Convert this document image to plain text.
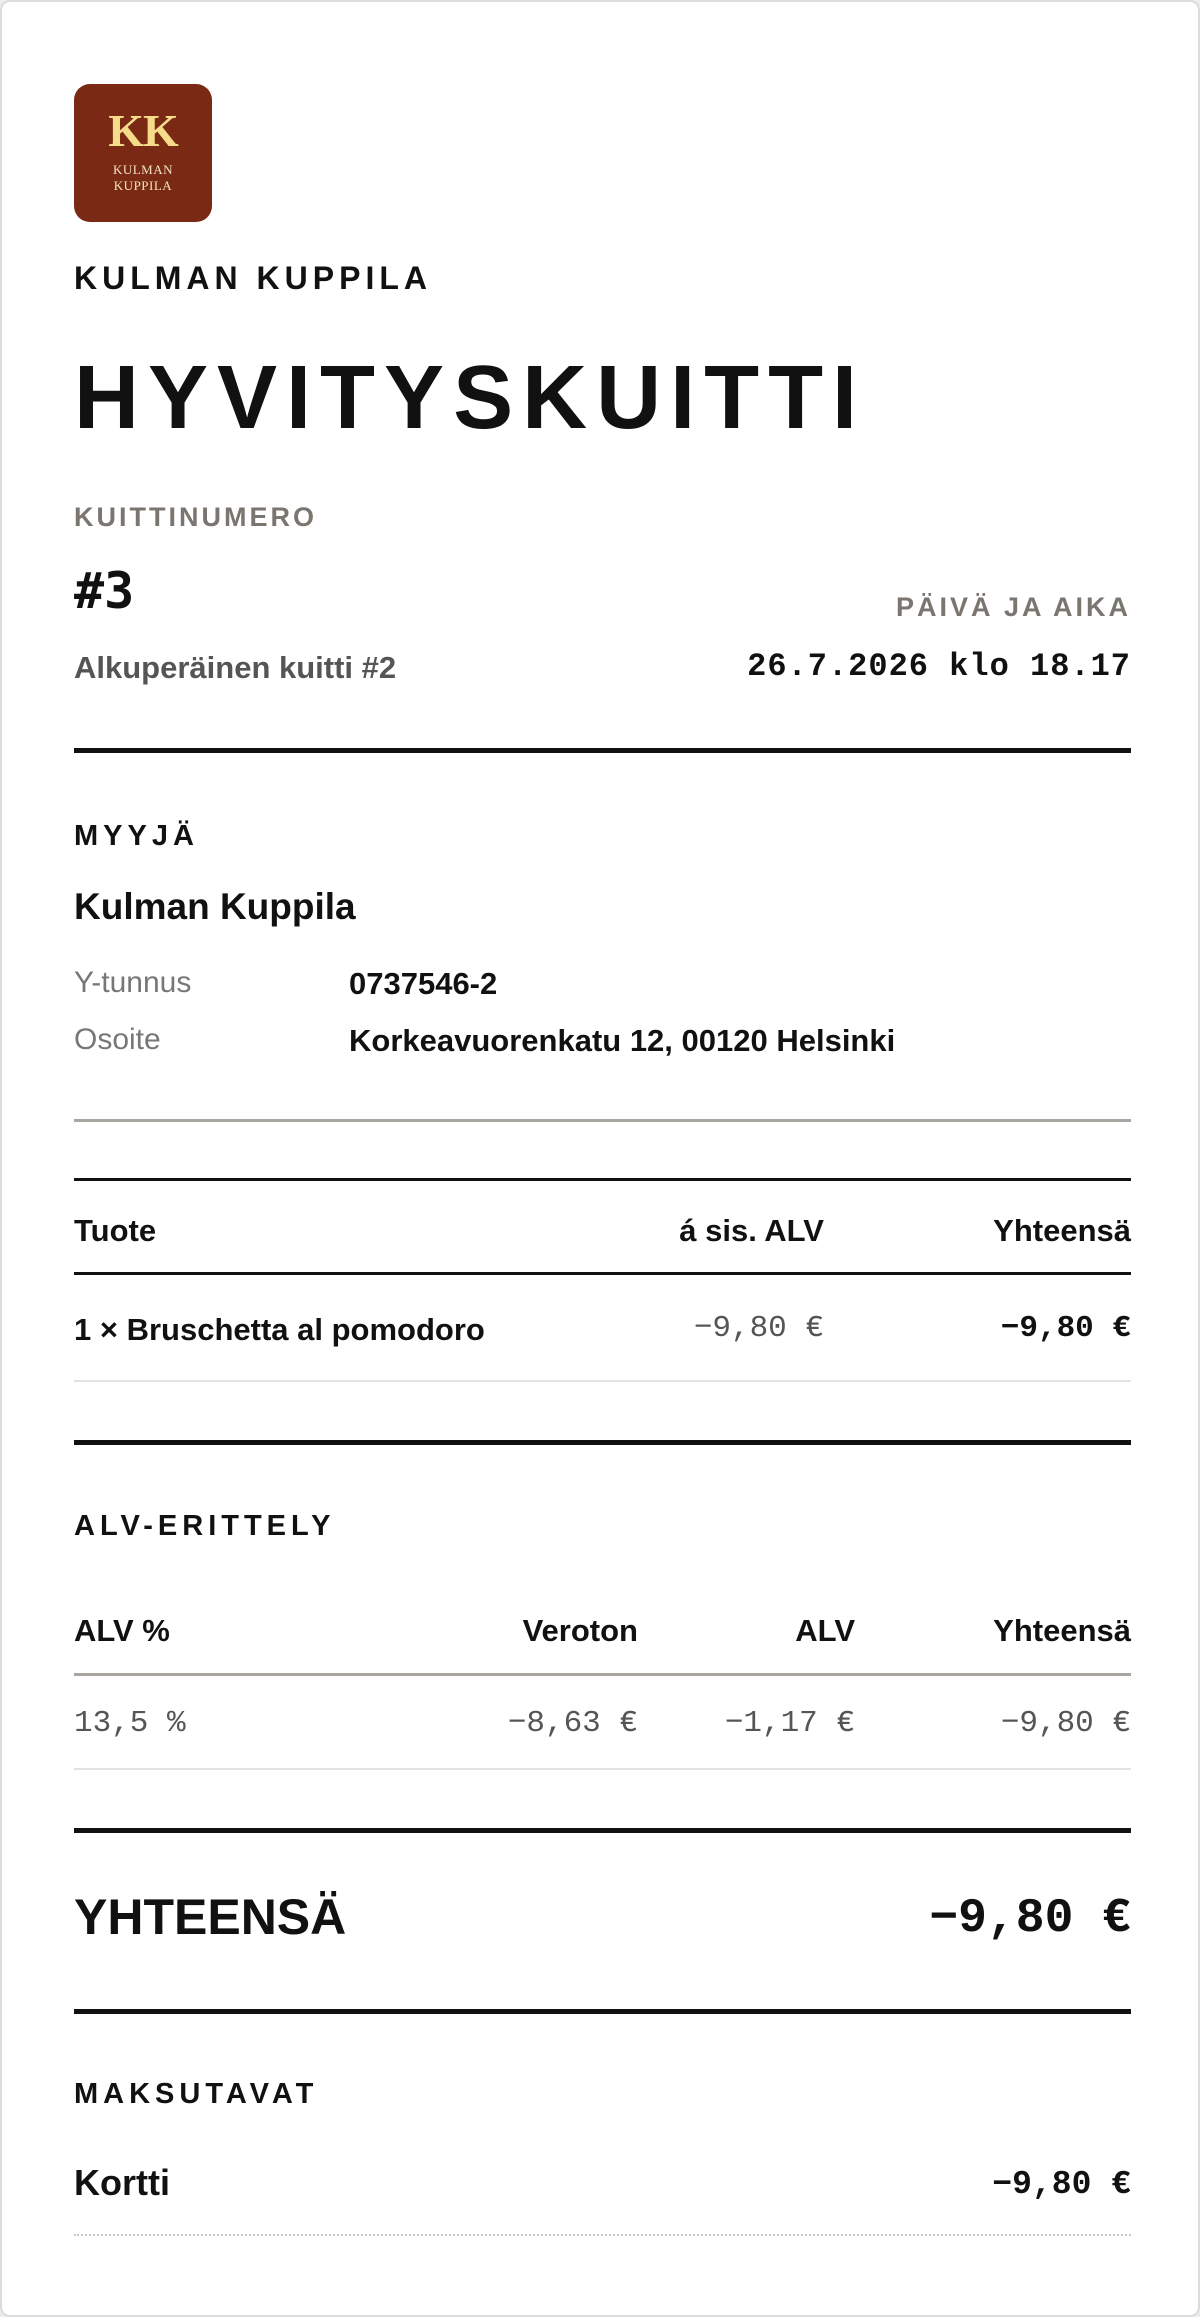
KK
KULMAN
KUPPILA
KULMAN KUPPILA
HYVITYSKUITTI
KUITTINUMERO
#3
Alkuperäinen kuitti #2
PÄIVÄ JA AIKA
26.7.2026 klo 18.17
MYYJÄ
Kulman Kuppila
Y-tunnus	0737546-2
Osoite	Korkeavuorenkatu 12, 00120 Helsinki
Tuote	á sis. ALV	Yhteensä
1 × Bruschetta al pomodoro	−9,80 €	−9,80 €
ALV-ERITTELY
ALV %	Veroton	ALV	Yhteensä
13,5 %	−8,63 €	−1,17 €	−9,80 €
YHTEENSÄ	−9,80 €
MAKSUTAVAT
Kortti	−9,80 €
